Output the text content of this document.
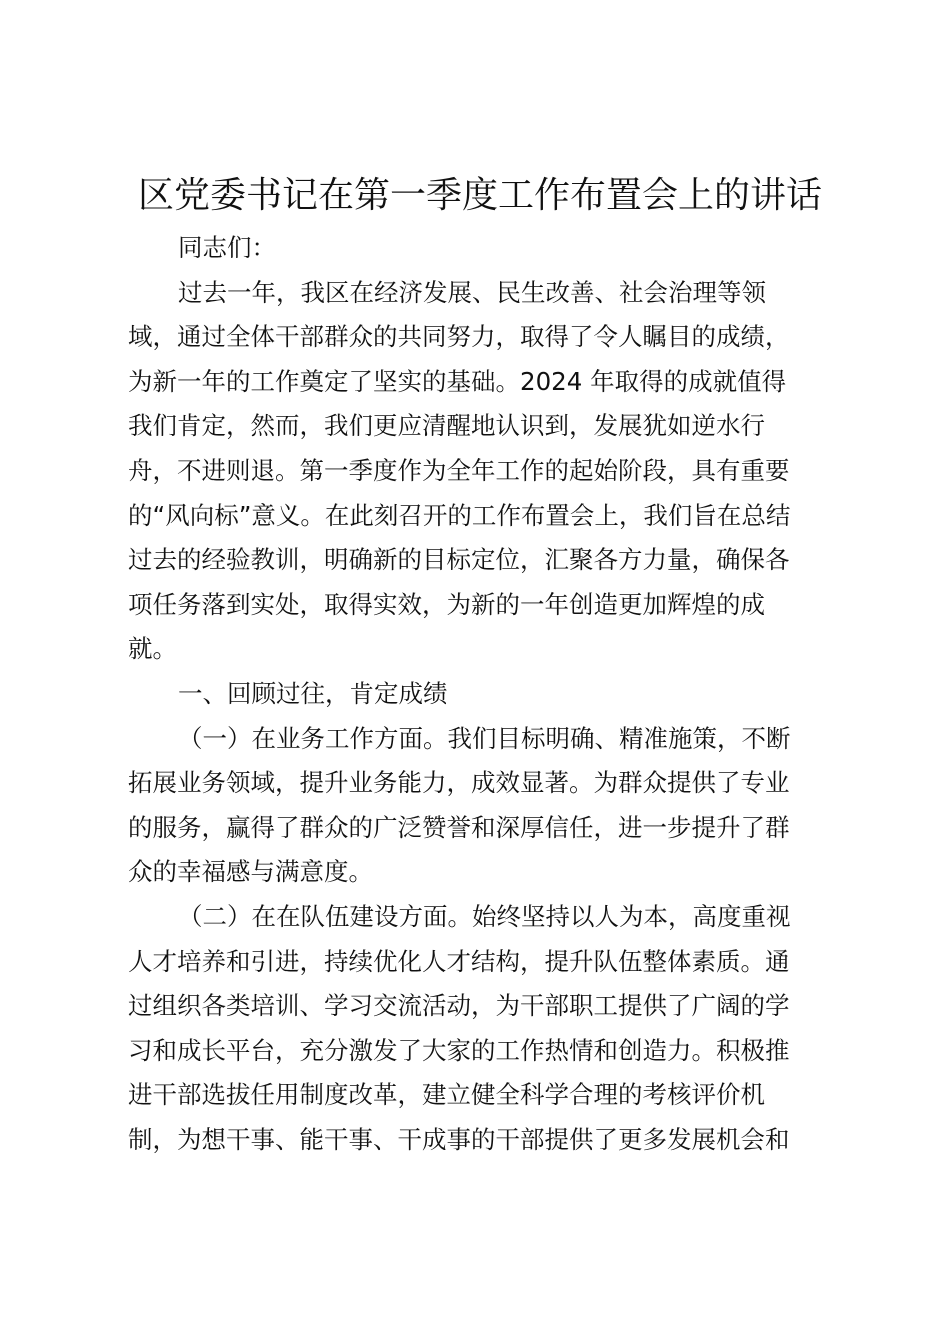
区党委书记在第一季度工作布置会上的讲话
同志们：
过去一年，我区在经济发展、民生改善、社会治理等领
域，通过全体干部群众的共同努力，取得了令人瞩目的成绩，
为新一年的工作奠定了坚实的基础。2024 年取得的成就值得
我们肯定，然而，我们更应清醒地认识到，发展犹如逆水行
舟，不进则退。第一季度作为全年工作的起始阶段，具有重要
的“风向标”意义。在此刻召开的工作布置会上，我们旨在总结
过去的经验教训，明确新的目标定位，汇聚各方力量，确保各
项任务落到实处，取得实效，为新的一年创造更加辉煌的成
就。
一、回顾过往，肯定成绩
（一）在业务工作方面。我们目标明确、精准施策，不断
拓展业务领域，提升业务能力，成效显著。为群众提供了专业
的服务，赢得了群众的广泛赞誉和深厚信任，进一步提升了群
众的幸福感与满意度。
（二）在在队伍建设方面。始终坚持以人为本，高度重视
人才培养和引进，持续优化人才结构，提升队伍整体素质。通
过组织各类培训、学习交流活动，为干部职工提供了广阔的学
习和成长平台，充分激发了大家的工作热情和创造力。积极推
进干部选拔任用制度改革，建立健全科学合理的考核评价机
制，为想干事、能干事、干成事的干部提供了更多发展机会和
